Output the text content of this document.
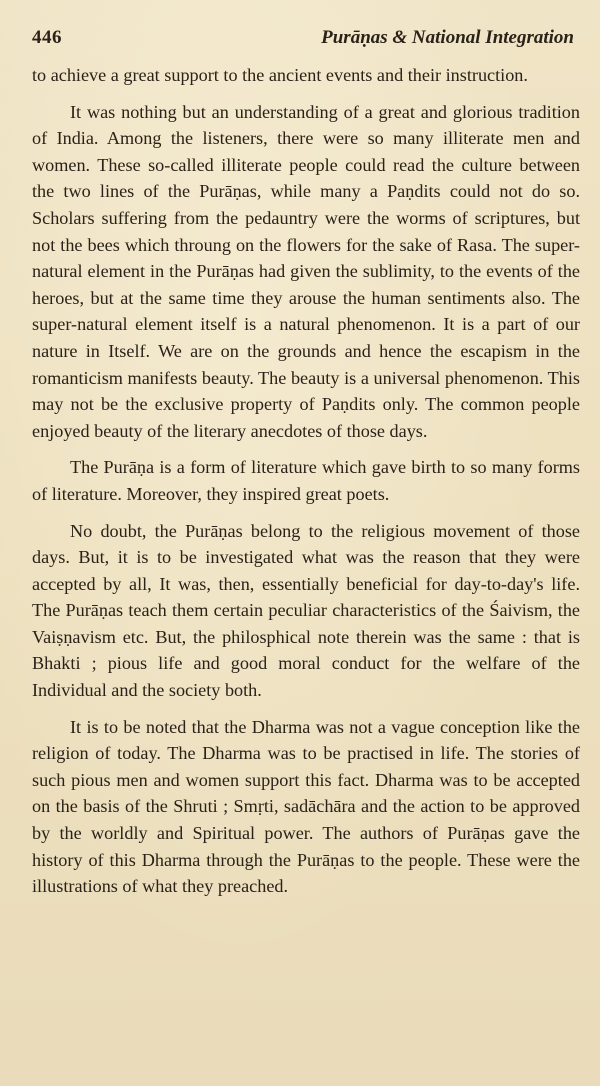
446	Purāṇas & National Integration

to achieve a great support to the ancient events and their instruction.

It was nothing but an understanding of a great and glorious tradition of India. Among the listeners, there were so many illiterate men and women. These so-called illiterate people could read the culture between the two lines of the Purāṇas, while many a Paṇdits could not do so. Scholars suffering from the pedauntry were the worms of scriptures, but not the bees which throung on the flowers for the sake of Rasa. The super-natural element in the Purāṇas had given the sublimity, to the events of the heroes, but at the same time they arouse the human sentiments also. The super-natural element itself is a natural phenomenon. It is a part of our nature in Itself. We are on the grounds and hence the escapism in the romanticism manifests beauty. The beauty is a universal phenomenon. This may not be the exclusive property of Paṇdits only. The common people enjoyed beauty of the literary anecdotes of those days.

The Purāṇa is a form of literature which gave birth to so many forms of literature. Moreover, they inspired great poets.

No doubt, the Purāṇas belong to the religious movement of those days. But, it is to be investigated what was the reason that they were accepted by all, It was, then, essentially beneficial for day-to-day's life. The Purāṇas teach them certain peculiar characteristics of the Śaivism, the Vaiṣṇavism etc. But, the philosphical note therein was the same : that is Bhakti ; pious life and good moral conduct for the welfare of the Individual and the society both.

It is to be noted that the Dharma was not a vague conception like the religion of today. The Dharma was to be practised in life. The stories of such pious men and women support this fact. Dharma was to be accepted on the basis of the Shruti ; Smṛti, sadāchāra and the action to be approved by the worldly and Spiritual power. The authors of Purāṇas gave the history of this Dharma through the Purāṇas to the people. These were the illustrations of what they preached.
